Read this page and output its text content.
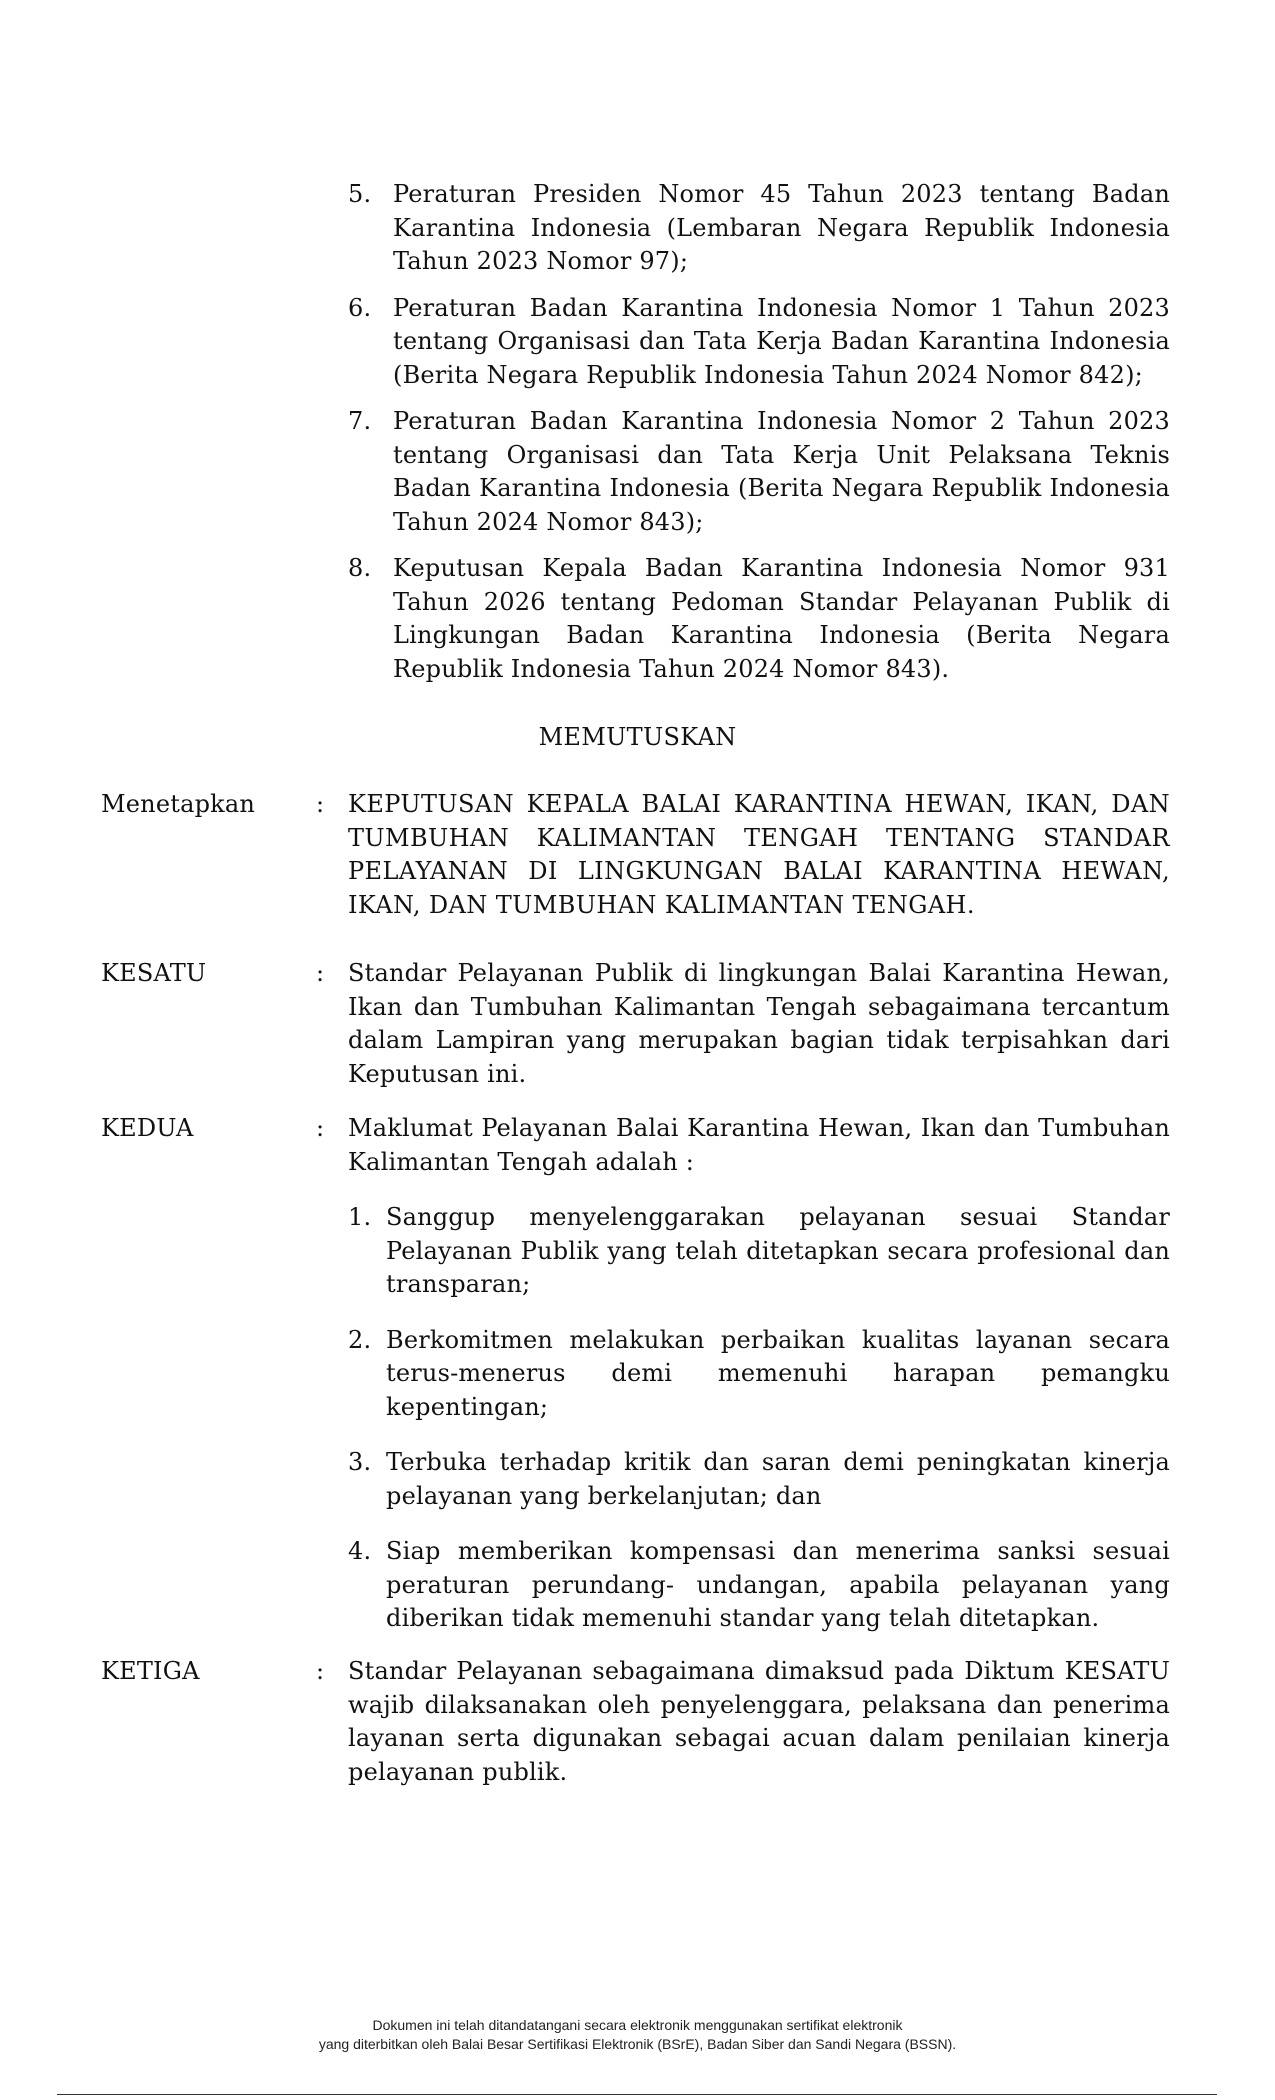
5. Peraturan Presiden Nomor 45 Tahun 2023 tentang Badan Karantina Indonesia (Lembaran Negara Republik Indonesia Tahun 2023 Nomor 97);
6. Peraturan Badan Karantina Indonesia Nomor 1 Tahun 2023 tentang Organisasi dan Tata Kerja Badan Karantina Indonesia (Berita Negara Republik Indonesia Tahun 2024 Nomor 842);
7. Peraturan Badan Karantina Indonesia Nomor 2 Tahun 2023 tentang Organisasi dan Tata Kerja Unit Pelaksana Teknis Badan Karantina Indonesia (Berita Negara Republik Indonesia Tahun 2024 Nomor 843);
8. Keputusan Kepala Badan Karantina Indonesia Nomor 931 Tahun 2026 tentang Pedoman Standar Pelayanan Publik di Lingkungan Badan Karantina Indonesia (Berita Negara Republik Indonesia Tahun 2024 Nomor 843).
MEMUTUSKAN
Menetapkan	: KEPUTUSAN KEPALA BALAI KARANTINA HEWAN, IKAN, DAN TUMBUHAN KALIMANTAN TENGAH TENTANG STANDAR PELAYANAN DI LINGKUNGAN BALAI KARANTINA HEWAN, IKAN, DAN TUMBUHAN KALIMANTAN TENGAH.
KESATU	: Standar Pelayanan Publik di lingkungan Balai Karantina Hewan, Ikan dan Tumbuhan Kalimantan Tengah sebagaimana tercantum dalam Lampiran yang merupakan bagian tidak terpisahkan dari Keputusan ini.
KEDUA	: Maklumat Pelayanan Balai Karantina Hewan, Ikan dan Tumbuhan Kalimantan Tengah adalah :
1. Sanggup menyelenggarakan pelayanan sesuai Standar Pelayanan Publik yang telah ditetapkan secara profesional dan transparan;
2. Berkomitmen melakukan perbaikan kualitas layanan secara terus-menerus demi memenuhi harapan pemangku kepentingan;
3. Terbuka terhadap kritik dan saran demi peningkatan kinerja pelayanan yang berkelanjutan; dan
4. Siap memberikan kompensasi dan menerima sanksi sesuai peraturan perundang- undangan, apabila pelayanan yang diberikan tidak memenuhi standar yang telah ditetapkan.
KETIGA	: Standar Pelayanan sebagaimana dimaksud pada Diktum KESATU wajib dilaksanakan oleh penyelenggara, pelaksana dan penerima layanan serta digunakan sebagai acuan dalam penilaian kinerja pelayanan publik.
Dokumen ini telah ditandatangani secara elektronik menggunakan sertifikat elektronik
yang diterbitkan oleh Balai Besar Sertifikasi Elektronik (BSrE), Badan Siber dan Sandi Negara (BSSN).
